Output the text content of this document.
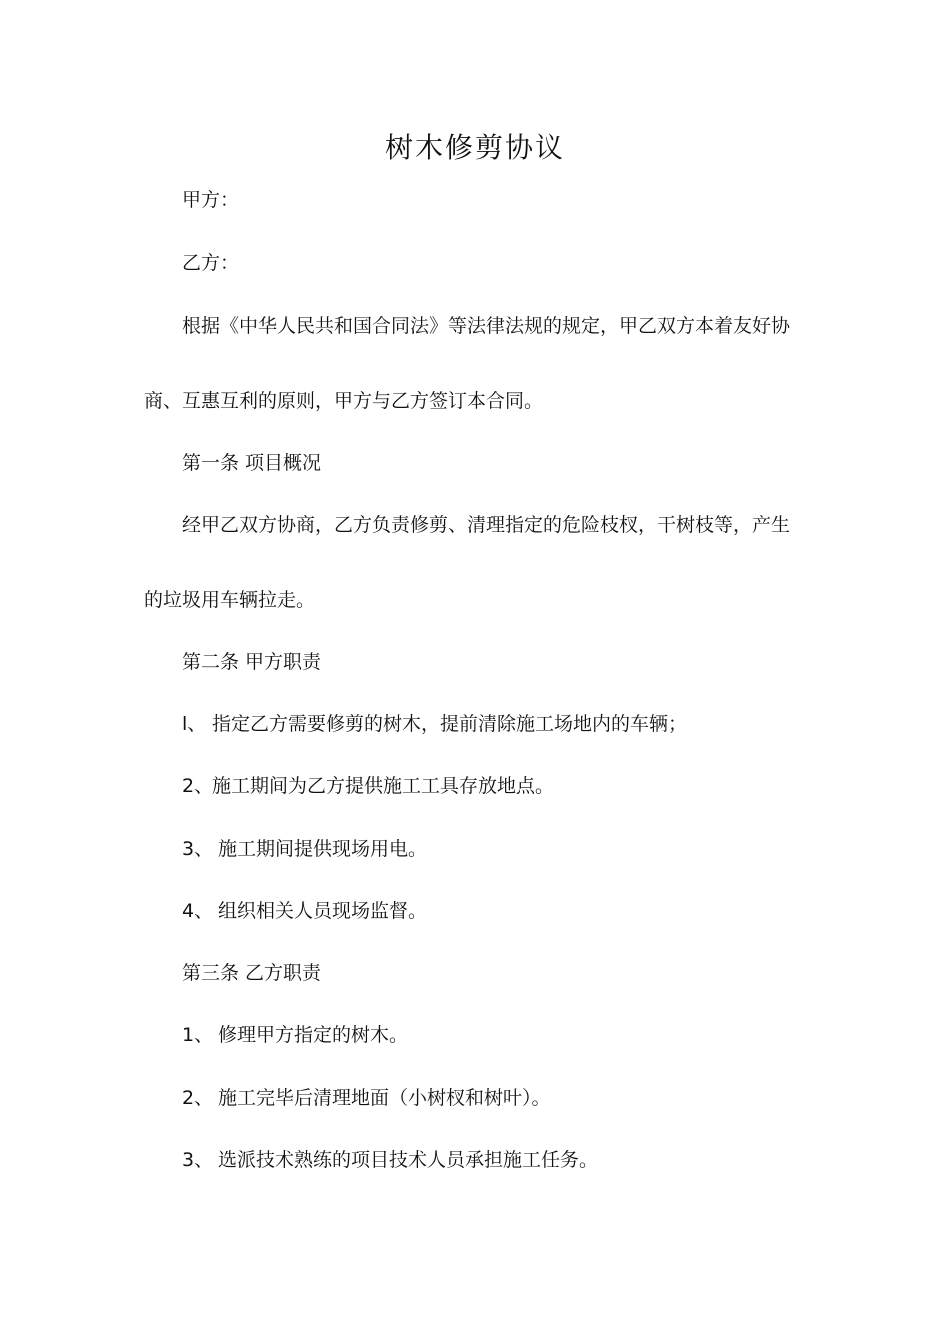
树木修剪协议
甲方：
乙方：
根据《中华人民共和国合同法》等法律法规的规定，甲乙双方本着友好协
商、互惠互利的原则，甲方与乙方签订本合同。
第一条 项目概况
经甲乙双方协商，乙方负责修剪、清理指定的危险枝杈，干树枝等，产生
的垃圾用车辆拉走。
第二条 甲方职责
l、 指定乙方需要修剪的树木，提前清除施工场地内的车辆；
2、施工期间为乙方提供施工工具存放地点。
3、 施工期间提供现场用电。
4、 组织相关人员现场监督。
第三条 乙方职责
1、 修理甲方指定的树木。
2、 施工完毕后清理地面（小树杈和树叶）。
3、 选派技术熟练的项目技术人员承担施工任务。
